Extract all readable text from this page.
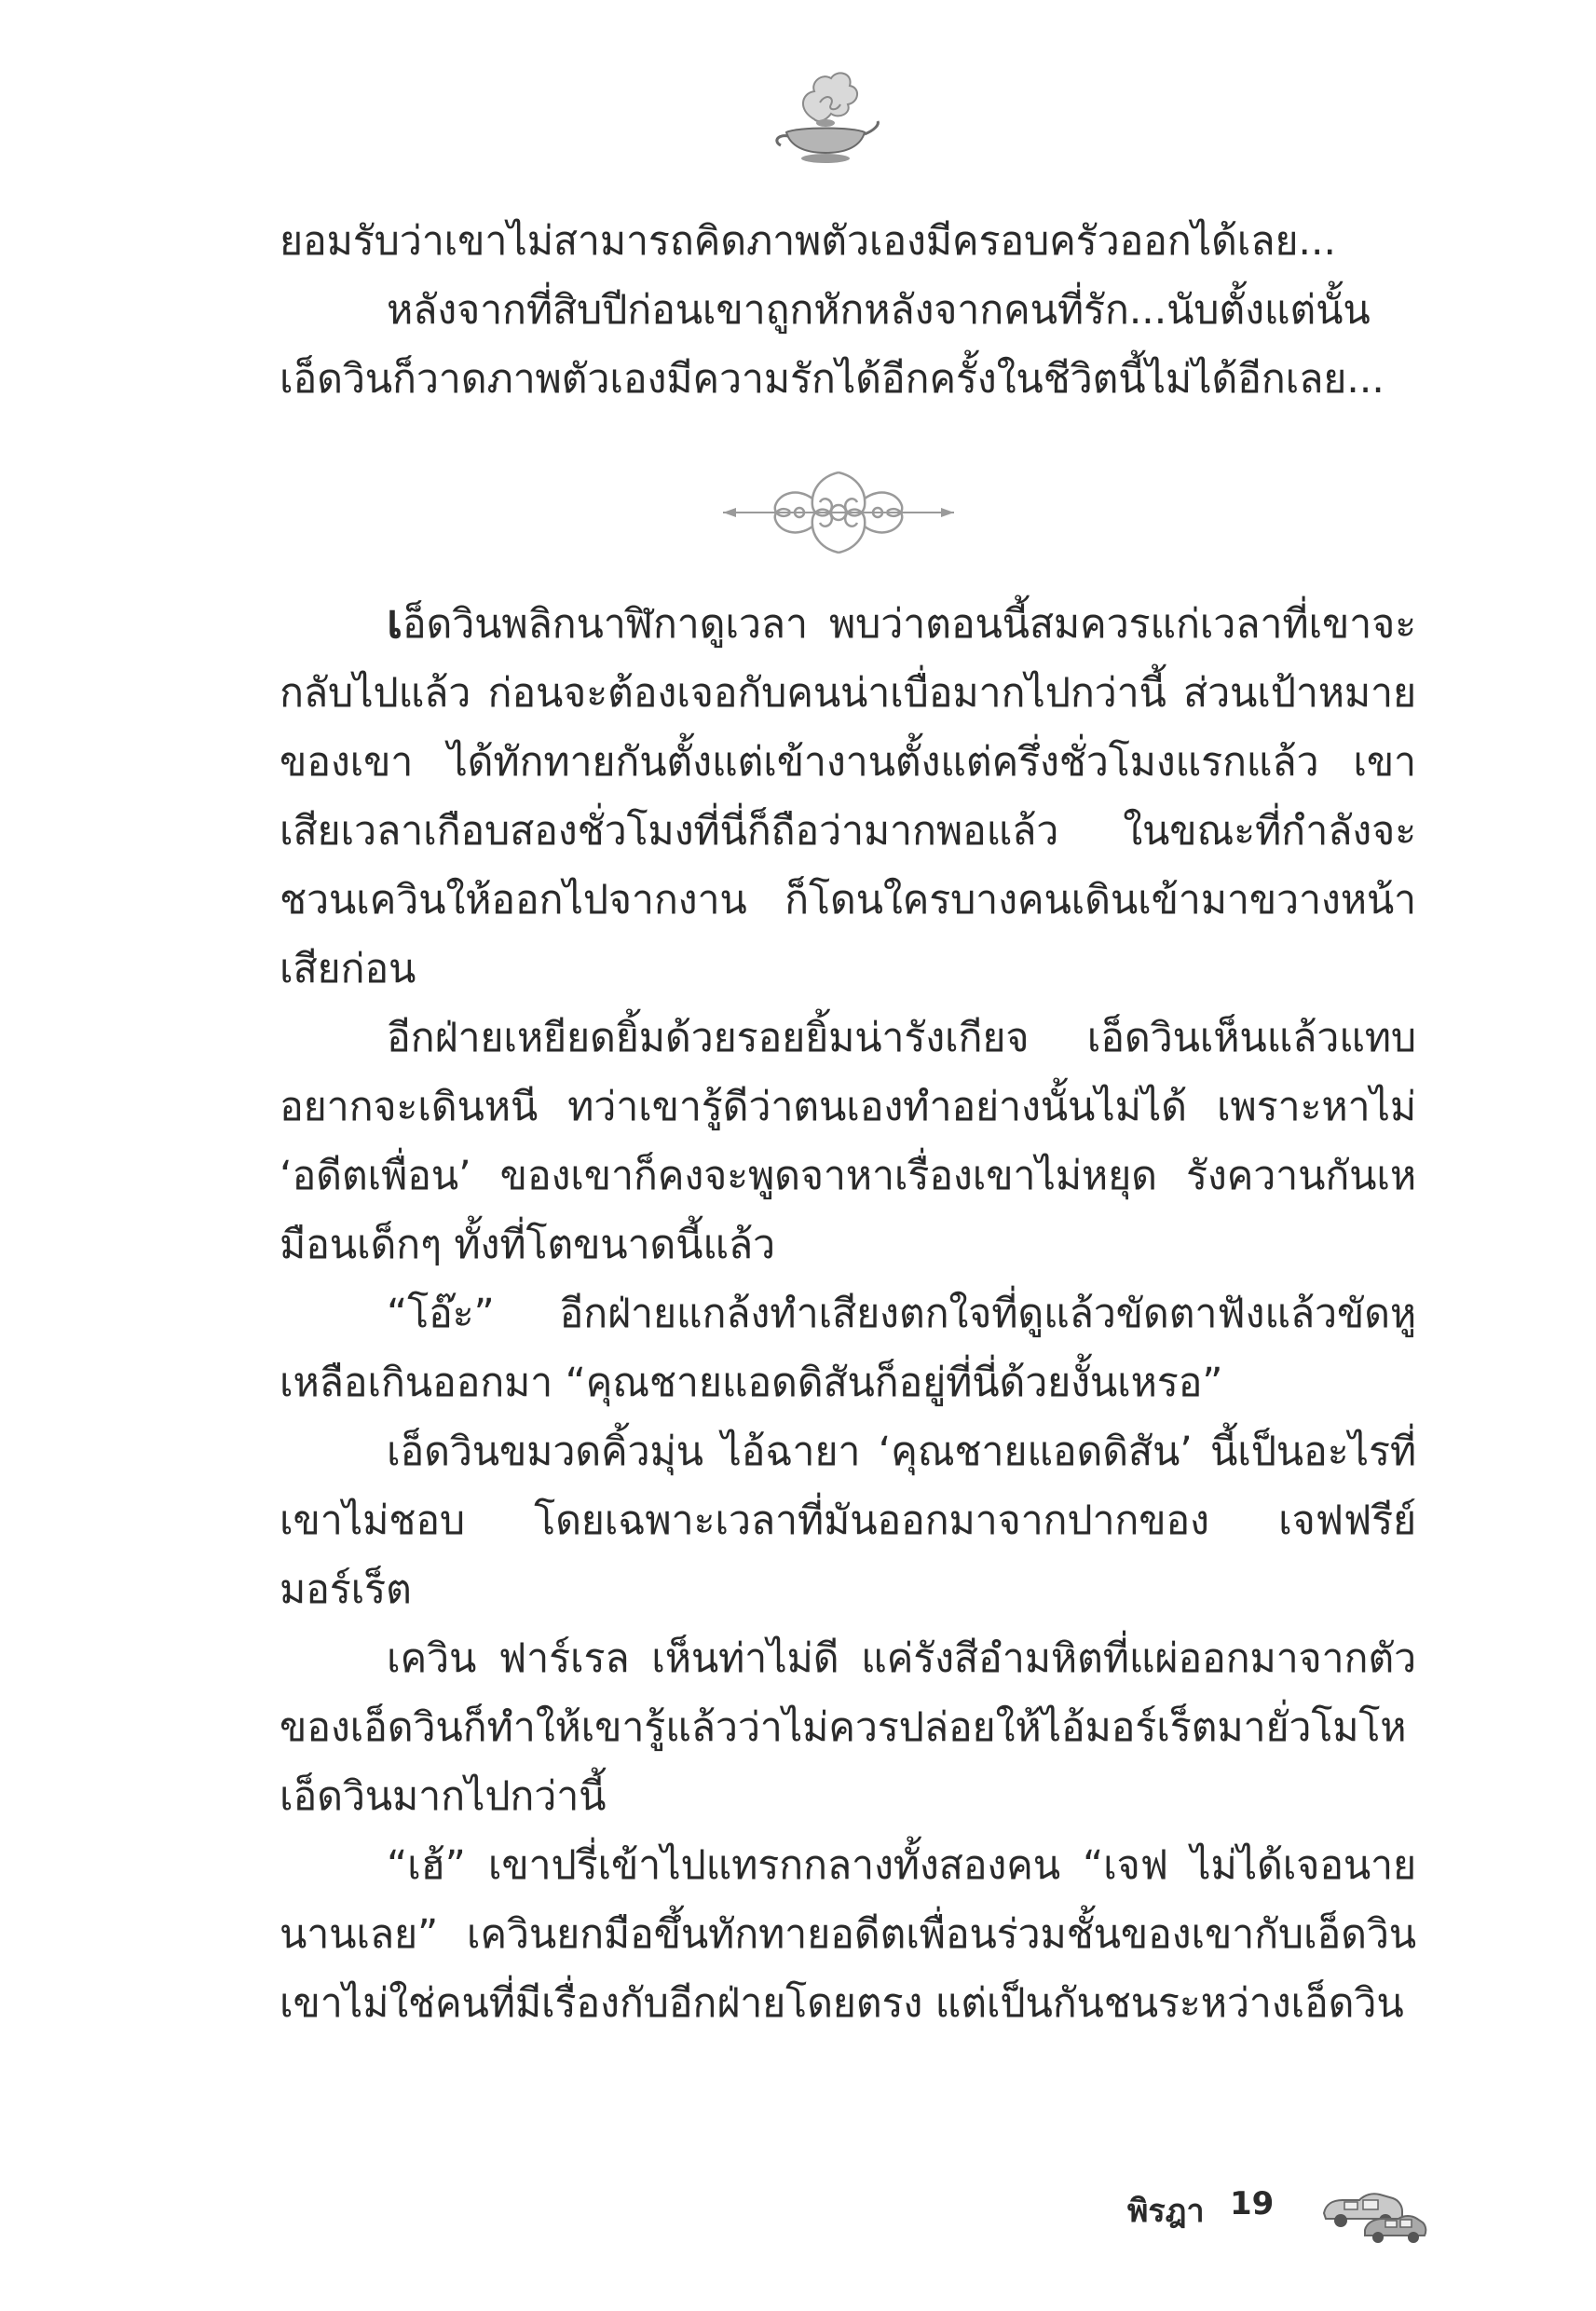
ยอมรับว่าเขาไม่สามารถคิดภาพตัวเองมีครอบครัวออกได้เลย...

หลังจากที่สิบปีก่อนเขาถูกหักหลังจากคนที่รัก...นับตั้งแต่นั้น เอ็ดวินก็วาดภาพตัวเองมีความรักได้อีกครั้งในชีวิตนี้ไม่ได้อีกเลย...

เอ็ดวินพลิกนาฬิกาดูเวลา พบว่าตอนนี้สมควรแก่เวลาที่เขาจะกลับไปแล้ว ก่อนจะต้องเจอกับคนน่าเบื่อมากไปกว่านี้ ส่วนเป้าหมายของเขา ได้ทักทายกันตั้งแต่เข้างานตั้งแต่ครึ่งชั่วโมงแรกแล้ว เขาเสียเวลาเกือบสองชั่วโมงที่นี่ก็ถือว่ามากพอแล้ว ในขณะที่กำลังจะชวนเควินให้ออกไปจากงาน ก็โดนใครบางคนเดินเข้ามาขวางหน้าเสียก่อน

อีกฝ่ายเหยียดยิ้มด้วยรอยยิ้มน่ารังเกียจ เอ็ดวินเห็นแล้วแทบอยากจะเดินหนี ทว่าเขารู้ดีว่าตนเองทำอย่างนั้นไม่ได้ เพราะหาไม่ ‘อดีตเพื่อน’ ของเขาก็คงจะพูดจาหาเรื่องเขาไม่หยุด รังควานกันเหมือนเด็กๆ ทั้งที่โตขนาดนี้แล้ว

“โอ๊ะ” อีกฝ่ายแกล้งทำเสียงตกใจที่ดูแล้วขัดตาฟังแล้วขัดหูเหลือเกินออกมา “คุณชายแอดดิสันก็อยู่ที่นี่ด้วยงั้นเหรอ”

เอ็ดวินขมวดคิ้วมุ่น ไอ้ฉายา ‘คุณชายแอดดิสัน’ นี้เป็นอะไรที่เขาไม่ชอบ โดยเฉพาะเวลาที่มันออกมาจากปากของ เจฟฟรีย์ มอร์เร็ต

เควิน ฟาร์เรล เห็นท่าไม่ดี แค่รังสีอำมหิตที่แผ่ออกมาจากตัวของเอ็ดวินก็ทำให้เขารู้แล้วว่าไม่ควรปล่อยให้ไอ้มอร์เร็ตมายั่วโมโหเอ็ดวินมากไปกว่านี้

“เฮ้” เขาปรี่เข้าไปแทรกกลางทั้งสองคน “เจฟ ไม่ได้เจอนายนานเลย” เควินยกมือขึ้นทักทายอดีตเพื่อนร่วมชั้นของเขากับเอ็ดวิน เขาไม่ใช่คนที่มีเรื่องกับอีกฝ่ายโดยตรง แต่เป็นกันชนระหว่างเอ็ดวิน

พิรฎา 19
